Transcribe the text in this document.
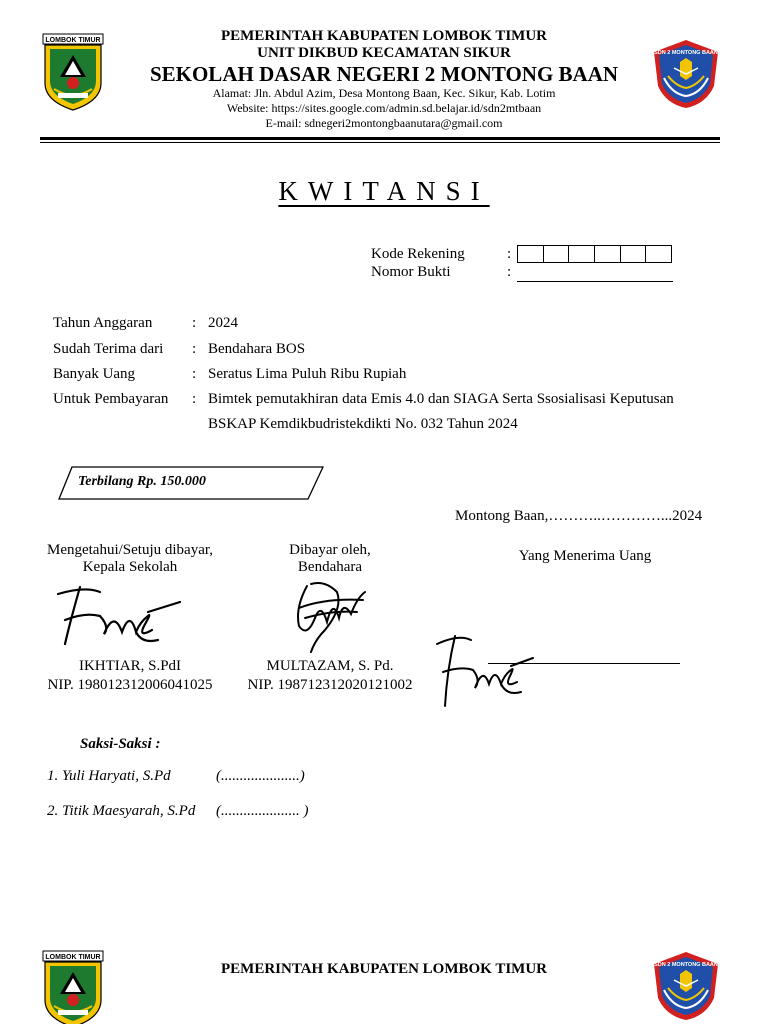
LOMBOK TIMUR	PEMERINTAH KABUPATEN LOMBOK TIMUR
UNIT DIKBUD KECAMATAN SIKUR
SEKOLAH DASAR NEGERI 2 MONTONG BAAN
Alamat: Jln. Abdul Azim, Desa Montong Baan, Kec. Sikur, Kab. Lotim
Website: https://sites.google.com/admin.sd.belajar.id/sdn2mtbaan
E-mail: sdnegeri2montongbaanutara@gmail.com
SDN 2 MONTONG BAAN
KWITANSI
Kode Rekening	:
Nomor Bukti	:
Tahun Anggaran	: 2024
Sudah Terima dari : Bendahara BOS
Banyak Uang	: Seratus Lima Puluh Ribu Rupiah
Untuk Pembayaran : Bimtek pemutakhiran data Emis 4.0 dan SIAGA Serta Ssosialisasi Keputusan
BSKAP Kemdikbudristekdikti No. 032 Tahun 2024
Terbilang Rp. 150.000
Montong Baan,………..…………...2024
Mengetahui/Setuju dibayar,
Kepala Sekolah
Dibayar oleh,
Bendahara
Yang Menerima Uang
IKHTIAR, S.PdI
NIP. 198012312006041025
MULTAZAM, S. Pd.
NIP. 198712312020121002
Saksi-Saksi :
1. Yuli Haryati, S.Pd	(.....................)
2. Titik Maesyarah, S.Pd (..................... )
LOMBOK TIMUR
PEMERINTAH KABUPATEN LOMBOK TIMUR	SDN 2 MONTONG BAAN
